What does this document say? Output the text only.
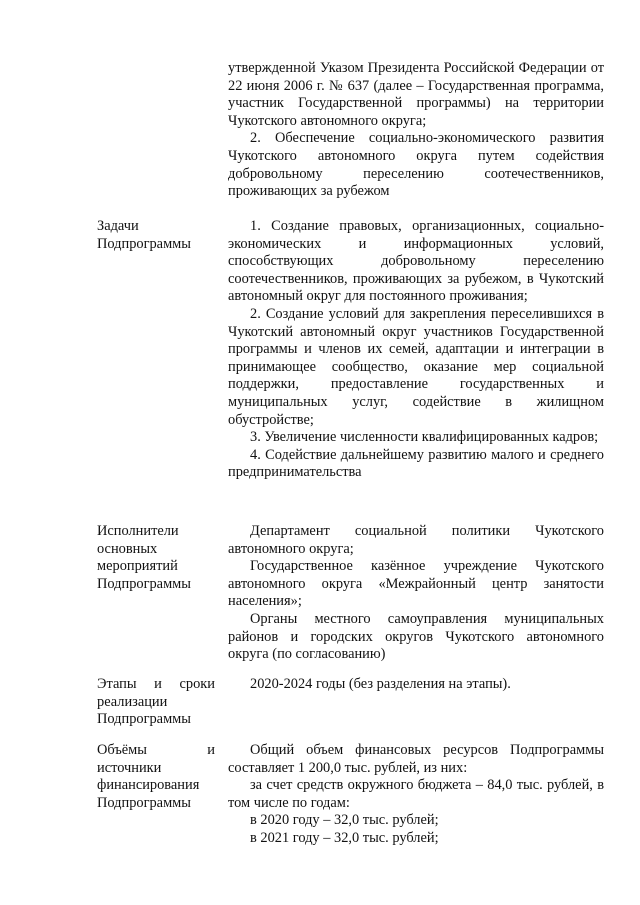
утвержденной Указом Президента Российской Федерации от 22 июня 2006 г. № 637 (далее – Государственная программа, участник Государственной программы) на территории Чукотского автономного округа;

2. Обеспечение социально-экономического развития Чукотского автономного округа путем содействия добровольному переселению соотечественников, проживающих за рубежом

Задачи
Подпрограммы

1. Создание правовых, организационных, социально-экономических и информационных условий, способствующих добровольному переселению соотечественников, проживающих за рубежом, в Чукотский автономный округ для постоянного проживания;

2. Создание условий для закрепления переселившихся в Чукотский автономный округ участников Государственной программы и членов их семей, адаптации и интеграции в принимающее сообщество, оказание мер социальной поддержки, предоставление государственных и муниципальных услуг, содействие в жилищном обустройстве;

3. Увеличение численности квалифицированных кадров;

4. Содействие дальнейшему развитию малого и среднего предпринимательства

Исполнители
основных
мероприятий
Подпрограммы

Департамент социальной политики Чукотского автономного округа;

Государственное казённое учреждение Чукотского автономного округа «Межрайонный центр занятости населения»;

Органы местного самоуправления муниципальных районов и городских округов Чукотского автономного округа (по согласованию)

Этапы и сроки
реализации
Подпрограммы

2020-2024 годы (без разделения на этапы).

Объёмы	и
источники
финансирования
Подпрограммы

Общий объем финансовых ресурсов Подпрограммы составляет 1 200,0 тыс. рублей, из них:

за счет средств окружного бюджета – 84,0 тыс. рублей, в том числе по годам:

в 2020 году – 32,0 тыс. рублей;

в 2021 году – 32,0 тыс. рублей;
